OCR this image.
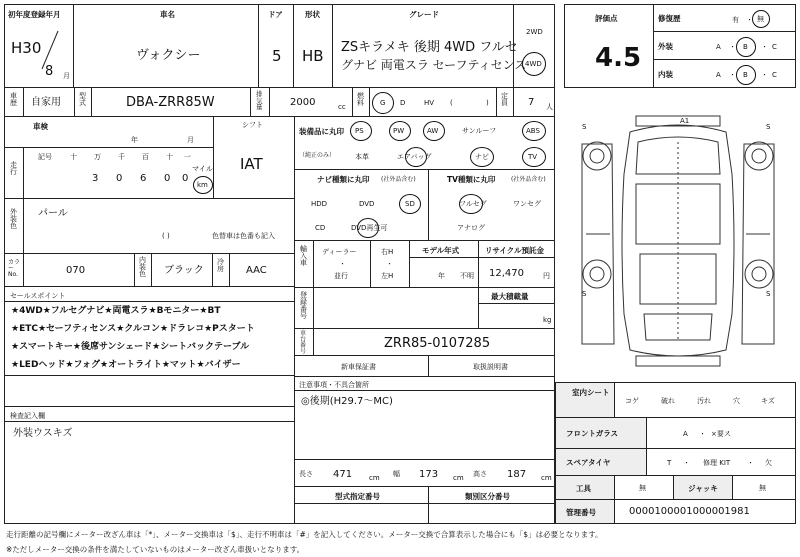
初年度登録年月
H30
8 月
車名
ヴォクシー
ドア
5
形状
HB
グレード
ZSキラメキ 後期 4WD フルセ
グナビ 両電スラ セーフティセンス
2WD
4WD
評価点
4.5
修復歴	有 ・ 無
外装	A ・ B ・ C
内装	A ・ B ・ C
車歴 自家用
型式	DBA-ZRR85W
排気量	2000	cc
燃料 G D	HV (	)
定員 7 人
車検
年	月
走行
記号	十 万 千 百 十 一
マイル
3 0 6 0 0
km
シフト
IAT
外装色
パール
( )	色替車は色番も記入
カラーNo.	070
内装色 ブラック
冷房 AAC
セールスポイント
★4WD★フルセグナビ★両電スラ★Bモニター★BT
★ETC★セーフティセンス★クルコン★ドラレコ★Pスタート
★スマートキー★後席サンシェード★シートバックテーブル
★LEDヘッド★フォグ★オートライト★マット★バイザー
検査記入欄
外装ウスキズ
装備品に丸印
（純正のみ）
PS	PW	AW	サンルーフ	ABS
本革	エアバッグ	ナビ	TV
ナビ種類に丸印 (社外品含む)
HDD	DVD	SD
CD	DVD再生可
TV種類に丸印	(社外品含む)
フルセグ	ワンセグ
アナログ
輸入車
ディーラー
・
並行
右H
・
左H
モデル年式
年 不明
リサイクル預託金
12,470	円
登録番号
最大積載量
kg
車台番号
ZRR85-0107285
新車保証書	取扱説明書
注意事項・不具合箇所
◎後期(H29.7～MC)
長さ 471 cm 幅 173 cm 高さ 187 cm
型式指定番号	類別区分番号
S	S
S	S
A1
室内シート
コゲ	破れ	汚れ	穴	キズ
フロントガラス	A ・ ×要ス
スペアタイヤ	T ・ 修理 KIT ・ 欠
工具	無	ジャッキ	無
管理番号	0000100001000001981
走行距離の記号欄にメーター改ざん車は「*」、メーター交換車は「$」、走行不明車は「#」を記入してください。メーター交換で合算表示した場合にも「$」は必要となります。
※ただしメーター交換の条件を満たしていないものはメーター改ざん車扱いとなります。
